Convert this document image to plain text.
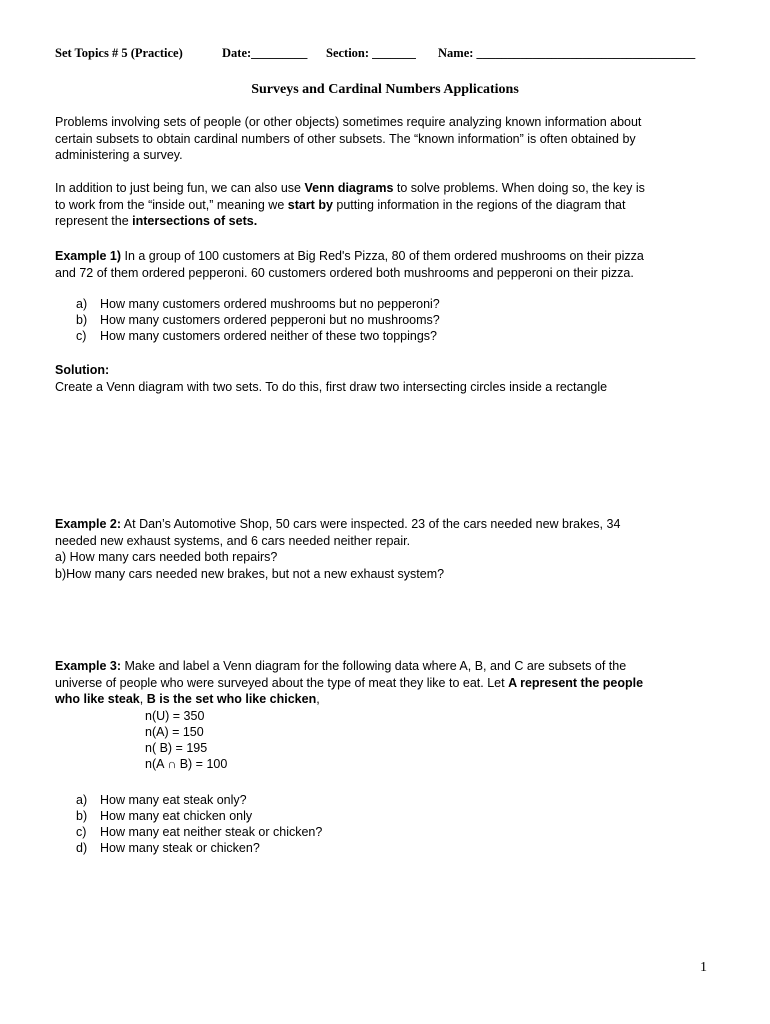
Set Topics # 5 (Practice)	Date:_________ Section: _______ Name: ___________________________________
Surveys and Cardinal Numbers Applications
Problems involving sets of people (or other objects) sometimes require analyzing known information about
certain subsets to obtain cardinal numbers of other subsets. The “known information” is often obtained by
administering a survey.
In addition to just being fun, we can also use Venn diagrams to solve problems. When doing so, the key is
to work from the “inside out,” meaning we start by putting information in the regions of the diagram that
represent the intersections of sets.
Example 1) In a group of 100 customers at Big Red's Pizza, 80 of them ordered mushrooms on their pizza
and 72 of them ordered pepperoni. 60 customers ordered both mushrooms and pepperoni on their pizza.
a) How many customers ordered mushrooms but no pepperoni?
b) How many customers ordered pepperoni but no mushrooms?
c) How many customers ordered neither of these two toppings?
Solution:
Create a Venn diagram with two sets. To do this, first draw two intersecting circles inside a rectangle
Example 2: At Dan’s Automotive Shop, 50 cars were inspected. 23 of the cars needed new brakes, 34
needed new exhaust systems, and 6 cars needed neither repair.
a) How many cars needed both repairs?
b)How many cars needed new brakes, but not a new exhaust system?
Example 3: Make and label a Venn diagram for the following data where A, B, and C are subsets of the
universe of people who were surveyed about the type of meat they like to eat. Let A represent the people
who like steak, B is the set who like chicken,
n(U) = 350
n(A) = 150
n( B) = 195
n(A ∩ B) = 100
a) How many eat steak only?
b) How many eat chicken only
c) How many eat neither steak or chicken?
d) How many steak or chicken?
1
